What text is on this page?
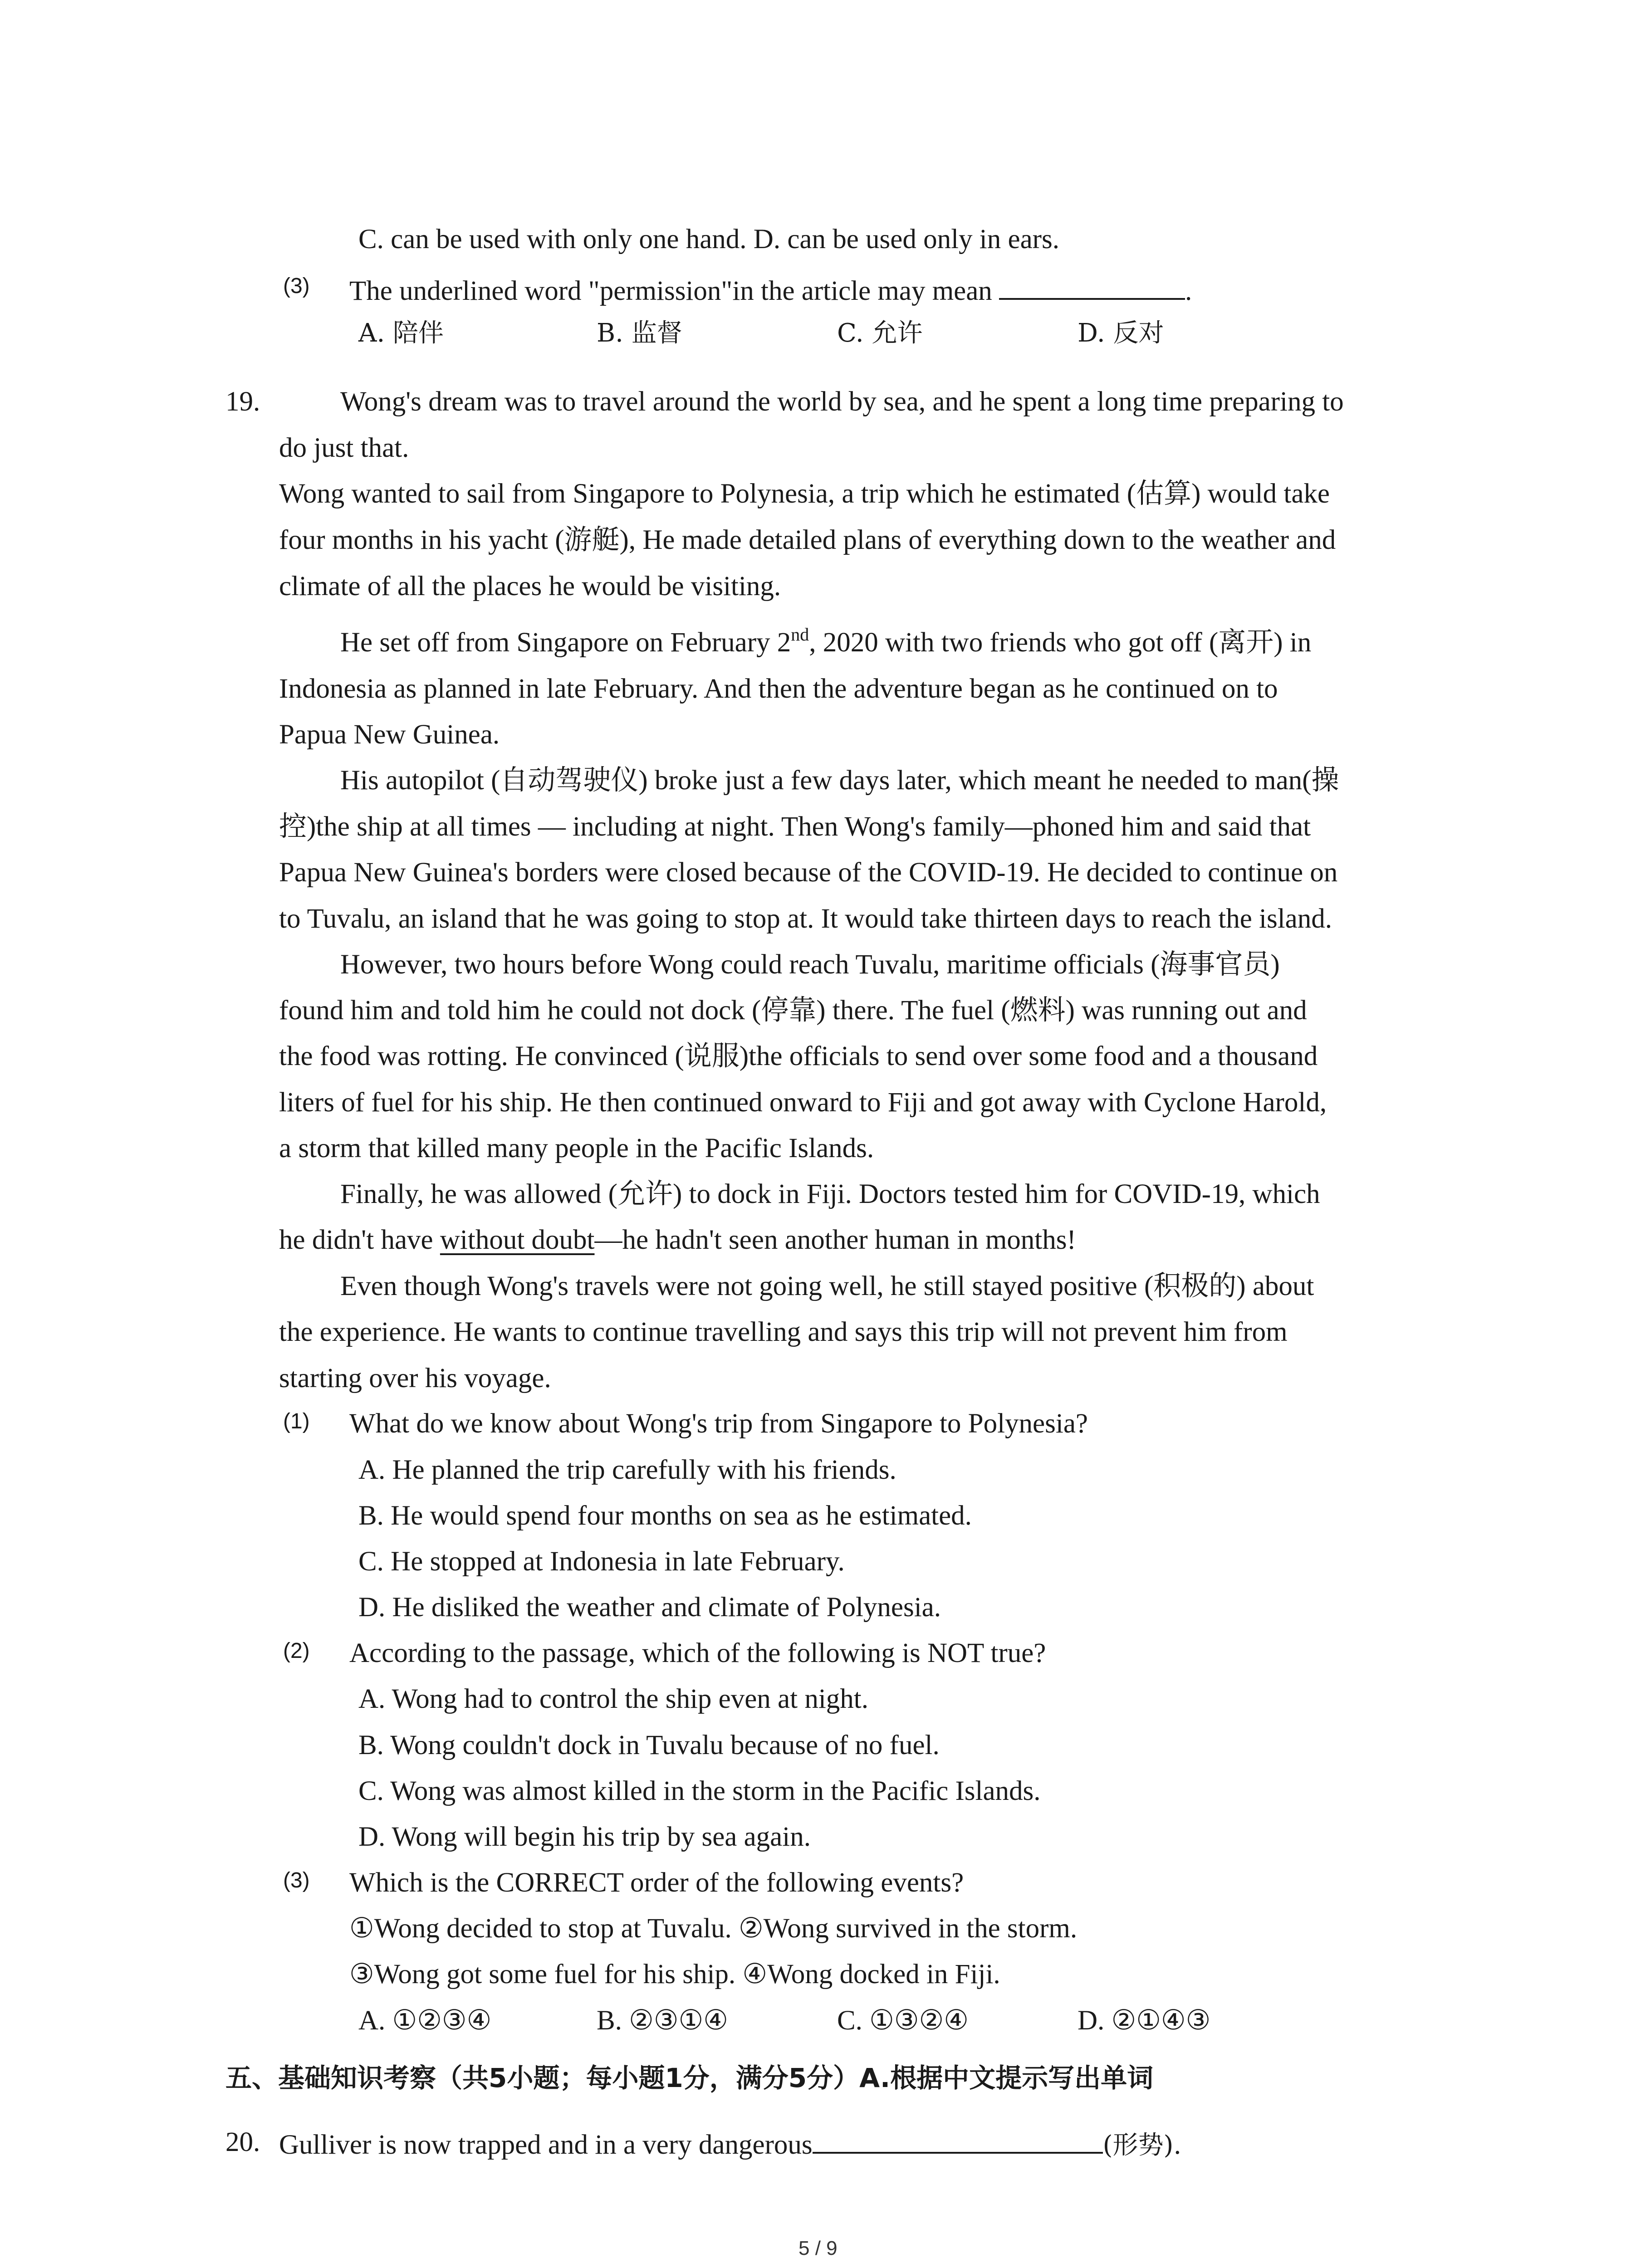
C. can be used with only one hand. D. can be used only in ears.
(3) The underlined word "permission"in the article may mean	.
A. 陪伴	B. 监督	C. 允许	D. 反对
19.	Wong's dream was to travel around the world by sea, and he spent a long time preparing to
do just that.
Wong wanted to sail from Singapore to Polynesia, a trip which he estimated (估算) would take
four months in his yacht (游艇), He made detailed plans of everything down to the weather and
climate of all the places he would be visiting.
He set off from Singapore on February 2nd, 2020 with two friends who got off (离开) in
Indonesia as planned in late February. And then the adventure began as he continued on to
Papua New Guinea.
His autopilot (自动驾驶仪) broke just a few days later, which meant he needed to man(操
控)the ship at all times — including at night. Then Wong's family—phoned him and said that
Papua New Guinea's borders were closed because of the COVID-19. He decided to continue on
to Tuvalu, an island that he was going to stop at. It would take thirteen days to reach the island.
However, two hours before Wong could reach Tuvalu, maritime officials (海事官员)
found him and told him he could not dock (停靠) there. The fuel (燃料) was running out and
the food was rotting. He convinced (说服)the officials to send over some food and a thousand
liters of fuel for his ship. He then continued onward to Fiji and got away with Cyclone Harold,
a storm that killed many people in the Pacific Islands.
Finally, he was allowed (允许) to dock in Fiji. Doctors tested him for COVID-19, which
he didn't have without doubt—he hadn't seen another human in months!
Even though Wong's travels were not going well, he still stayed positive (积极的) about
the experience. He wants to continue travelling and says this trip will not prevent him from
starting over his voyage.
(1) What do we know about Wong's trip from Singapore to Polynesia?
A. He planned the trip carefully with his friends.
B. He would spend four months on sea as he estimated.
C. He stopped at Indonesia in late February.
D. He disliked the weather and climate of Polynesia.
(2) According to the passage, which of the following is NOT true?
A. Wong had to control the ship even at night.
B. Wong couldn't dock in Tuvalu because of no fuel.
C. Wong was almost killed in the storm in the Pacific Islands.
D. Wong will begin his trip by sea again.
(3) Which is the CORRECT order of the following events?
①Wong decided to stop at Tuvalu. ②Wong survived in the storm.
③Wong got some fuel for his ship. ④Wong docked in Fiji.
A. ①②③④	B. ②③①④	C. ①③②④	D. ②①④③
五、基础知识考察（共5小题；每小题1分，满分5分）A.根据中文提示写出单词
20. Gulliver is now trapped and in a very dangerous	(形势).
5 / 9
